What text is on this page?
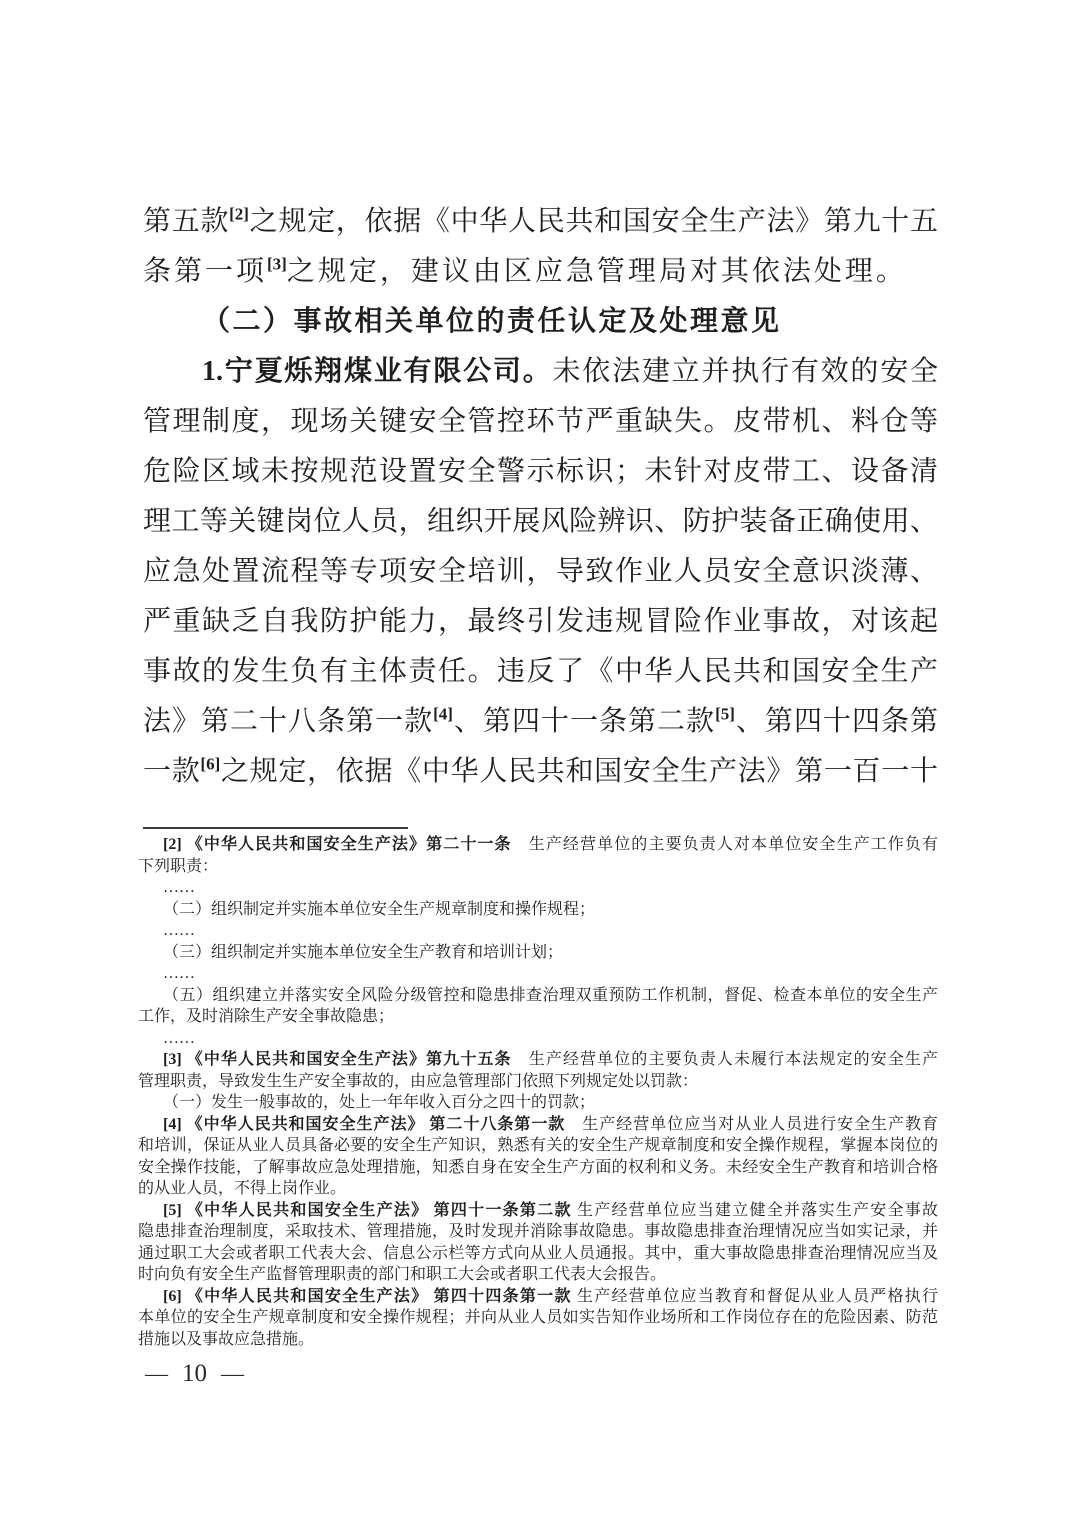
第五款[2]之规定，依据《中华人民共和国安全生产法》第九十五
条第一项[3]之规定，建议由区应急管理局对其依法处理。
（二）事故相关单位的责任认定及处理意见
1.宁夏烁翔煤业有限公司。未依法建立并执行有效的安全
管理制度，现场关键安全管控环节严重缺失。皮带机、料仓等
危险区域未按规范设置安全警示标识；未针对皮带工、设备清
理工等关键岗位人员，组织开展风险辨识、防护装备正确使用、
应急处置流程等专项安全培训，导致作业人员安全意识淡薄、
严重缺乏自我防护能力，最终引发违规冒险作业事故，对该起
事故的发生负有主体责任。违反了《中华人民共和国安全生产
法》第二十八条第一款[4]、第四十一条第二款[5]、第四十四条第
一款[6]之规定，依据《中华人民共和国安全生产法》第一百一十
[2] 《中华人民共和国安全生产法》第二十一条　生产经营单位的主要负责人对本单位安全生产工作负有
下列职责：
……
（二）组织制定并实施本单位安全生产规章制度和操作规程；
……
（三）组织制定并实施本单位安全生产教育和培训计划；
……
（五）组织建立并落实安全风险分级管控和隐患排查治理双重预防工作机制，督促、检查本单位的安全生产
工作，及时消除生产安全事故隐患；
……
[3] 《中华人民共和国安全生产法》第九十五条　生产经营单位的主要负责人未履行本法规定的安全生产
管理职责，导致发生生产安全事故的，由应急管理部门依照下列规定处以罚款：
（一）发生一般事故的，处上一年年收入百分之四十的罚款；
[4] 《中华人民共和国安全生产法》 第二十八条第一款　生产经营单位应当对从业人员进行安全生产教育
和培训，保证从业人员具备必要的安全生产知识，熟悉有关的安全生产规章制度和安全操作规程，掌握本岗位的
安全操作技能，了解事故应急处理措施，知悉自身在安全生产方面的权利和义务。未经安全生产教育和培训合格
的从业人员，不得上岗作业。
[5] 《中华人民共和国安全生产法》 第四十一条第二款 生产经营单位应当建立健全并落实生产安全事故
隐患排查治理制度，采取技术、管理措施，及时发现并消除事故隐患。事故隐患排查治理情况应当如实记录，并
通过职工大会或者职工代表大会、信息公示栏等方式向从业人员通报。其中，重大事故隐患排查治理情况应当及
时向负有安全生产监督管理职责的部门和职工大会或者职工代表大会报告。
[6] 《中华人民共和国安全生产法》 第四十四条第一款 生产经营单位应当教育和督促从业人员严格执行
本单位的安全生产规章制度和安全操作规程；并向从业人员如实告知作业场所和工作岗位存在的危险因素、防范
措施以及事故应急措施。
— 10 —
